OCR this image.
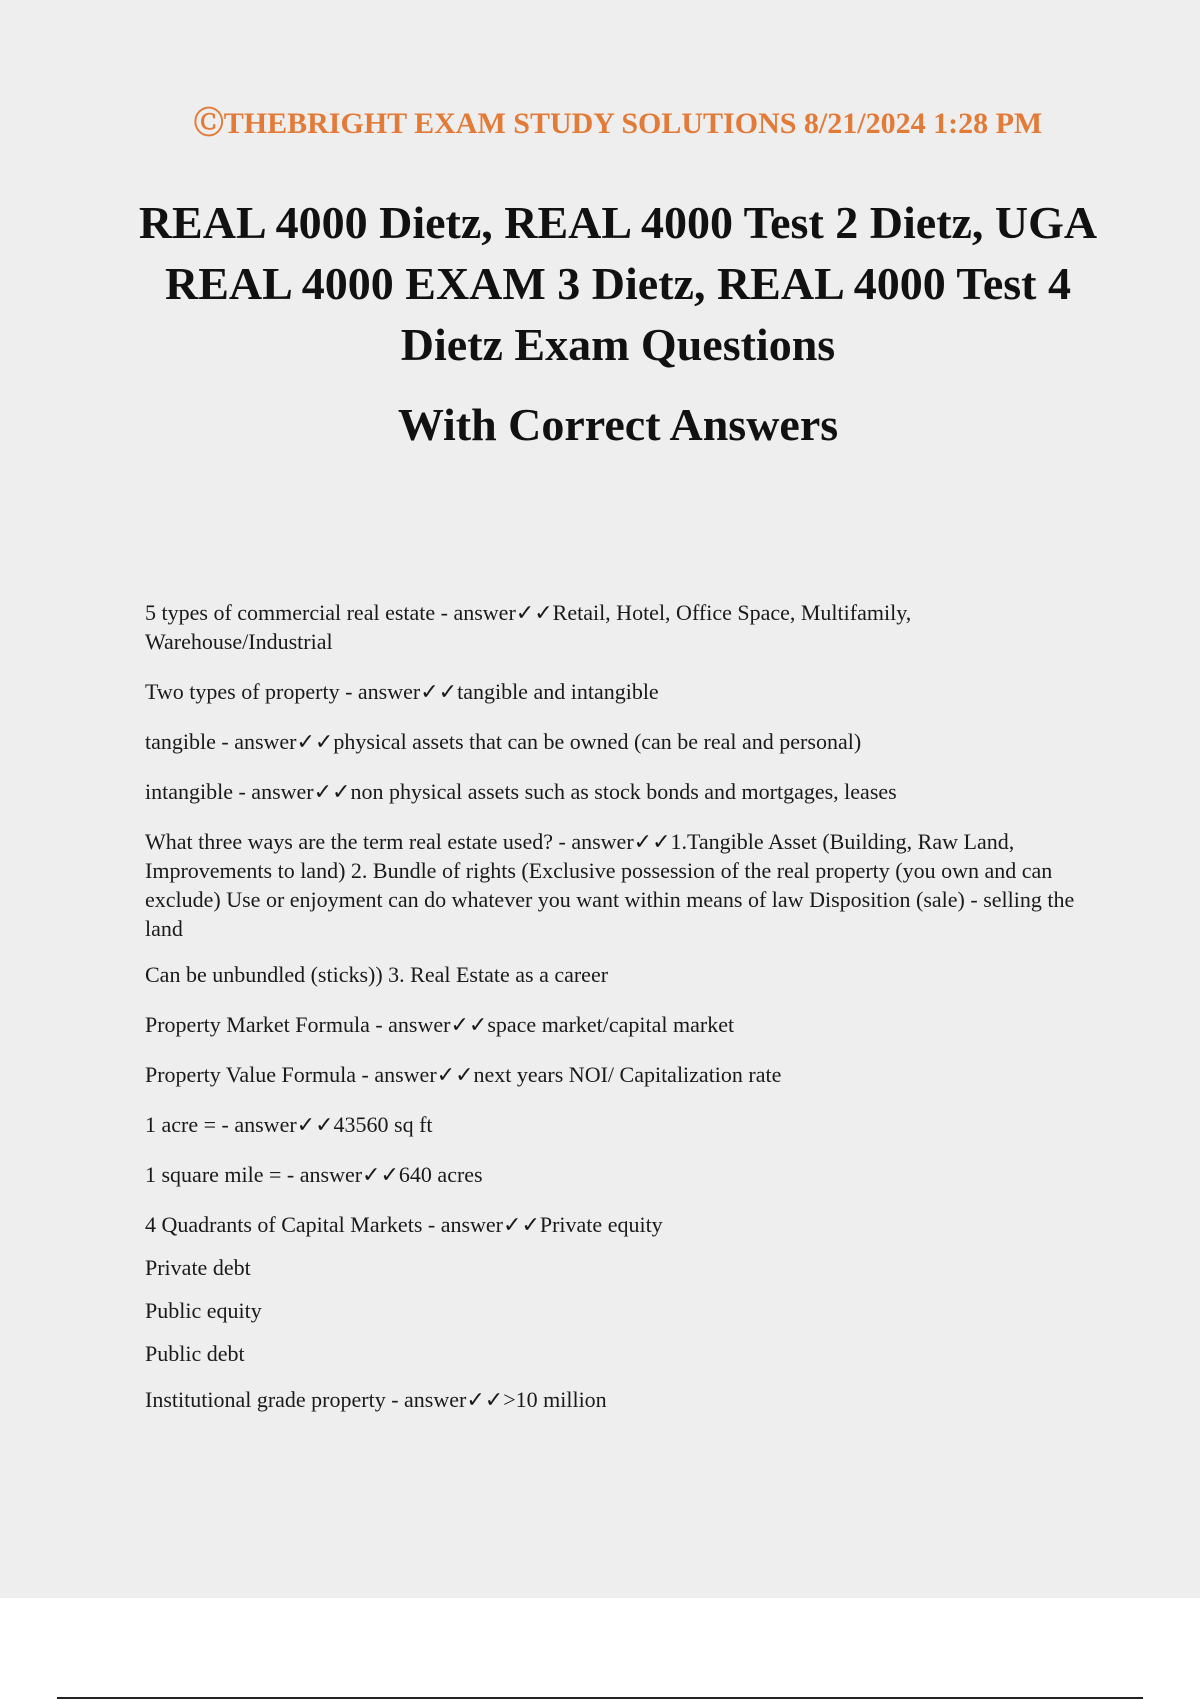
ⒸTHEBRIGHT EXAM STUDY SOLUTIONS 8/21/2024 1:28 PM
REAL 4000 Dietz, REAL 4000 Test 2 Dietz, UGA REAL 4000 EXAM 3 Dietz, REAL 4000 Test 4 Dietz Exam Questions
With Correct Answers
5 types of commercial real estate - answer✓✓Retail, Hotel, Office Space, Multifamily, Warehouse/Industrial
Two types of property - answer✓✓tangible and intangible
tangible - answer✓✓physical assets that can be owned (can be real and personal)
intangible - answer✓✓non physical assets such as stock bonds and mortgages, leases
What three ways are the term real estate used? - answer✓✓1.Tangible Asset (Building, Raw Land, Improvements to land) 2. Bundle of rights (Exclusive possession of the real property (you own and can exclude) Use or enjoyment can do whatever you want within means of law Disposition (sale) - selling the land
Can be unbundled (sticks)) 3. Real Estate as a career
Property Market Formula - answer✓✓space market/capital market
Property Value Formula - answer✓✓next years NOI/ Capitalization rate
1 acre = - answer✓✓43560 sq ft
1 square mile = - answer✓✓640 acres
4 Quadrants of Capital Markets - answer✓✓Private equity
Private debt
Public equity
Public debt
Institutional grade property - answer✓✓>10 million
